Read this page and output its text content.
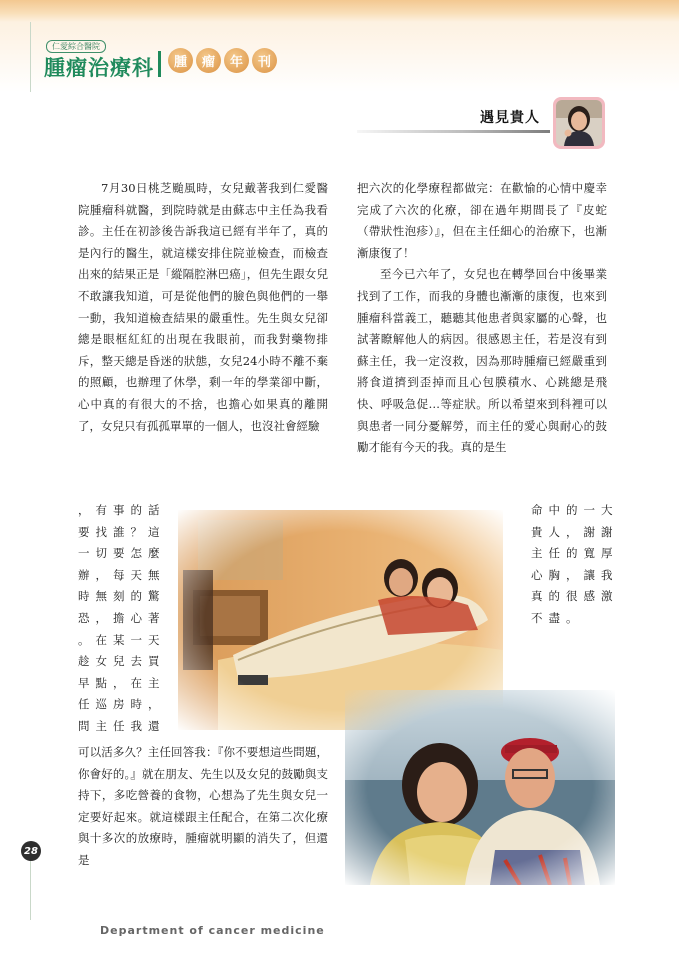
仁愛綜合醫院
腫瘤治療科	腫	瘤	年	刊
遇見貴人

7月30日桃芝颱風時，女兒戴著我到仁愛醫院腫瘤科就醫，到院時就是由蘇志中主任為我看診。主任在初診後告訴我這已經有半年了，真的是內行的醫生，就這樣安排住院並檢查，而檢查出來的結果正是「縱隔腔淋巴癌」，但先生跟女兒不敢讓我知道，可是從他們的臉色與他們的一舉一動，我知道檢查結果的嚴重性。先生與女兒卻總是眼框紅紅的出現在我眼前，而我對藥物排斥，整天總是昏迷的狀態，女兒24小時不離不棄的照顧，也辦理了休學，剩一年的學業卻中斷，心中真的有很大的不捨，也擔心如果真的離開了，女兒只有孤孤單單的一個人，也沒社會經驗

，有事的話
要找誰？這
一切要怎麼
辦，每天無
時無刻的驚
恐，擔心著
。在某一天
趁女兒去買
早點，在主
任巡房時，
問主任我還

可以活多久？主任回答我：『你不要想這些問題，你會好的。』就在朋友、先生以及女兒的鼓勵與支持下，多吃營養的食物，心想為了先生與女兒一定要好起來。就這樣跟主任配合，在第二次化療與十多次的放療時，腫瘤就明顯的消失了，但還是

把六次的化學療程都做完：在歡愉的心情中慶幸完成了六次的化療，卻在過年期間長了『皮蛇（帶狀性泡疹）』，但在主任細心的治療下，也漸漸康復了！

至今已六年了，女兒也在轉學回台中後畢業找到了工作，而我的身體也漸漸的康復，也來到腫瘤科當義工，聽聽其他患者與家屬的心聲，也試著瞭解他人的病因。很感恩主任，若是沒有到蘇主任，我一定沒救，因為那時腫瘤已經嚴重到將食道擠到歪掉而且心包膜積水、心跳總是飛快、呼吸急促…等症狀。所以希望來到科裡可以與患者一同分憂解勞，而主任的愛心與耐心的鼓勵才能有今天的我。真的是生

命中的一大
貴人，謝謝
主任的寬厚
心胸，讓我
真的很感激
不盡。
28
Department of cancer medicine
